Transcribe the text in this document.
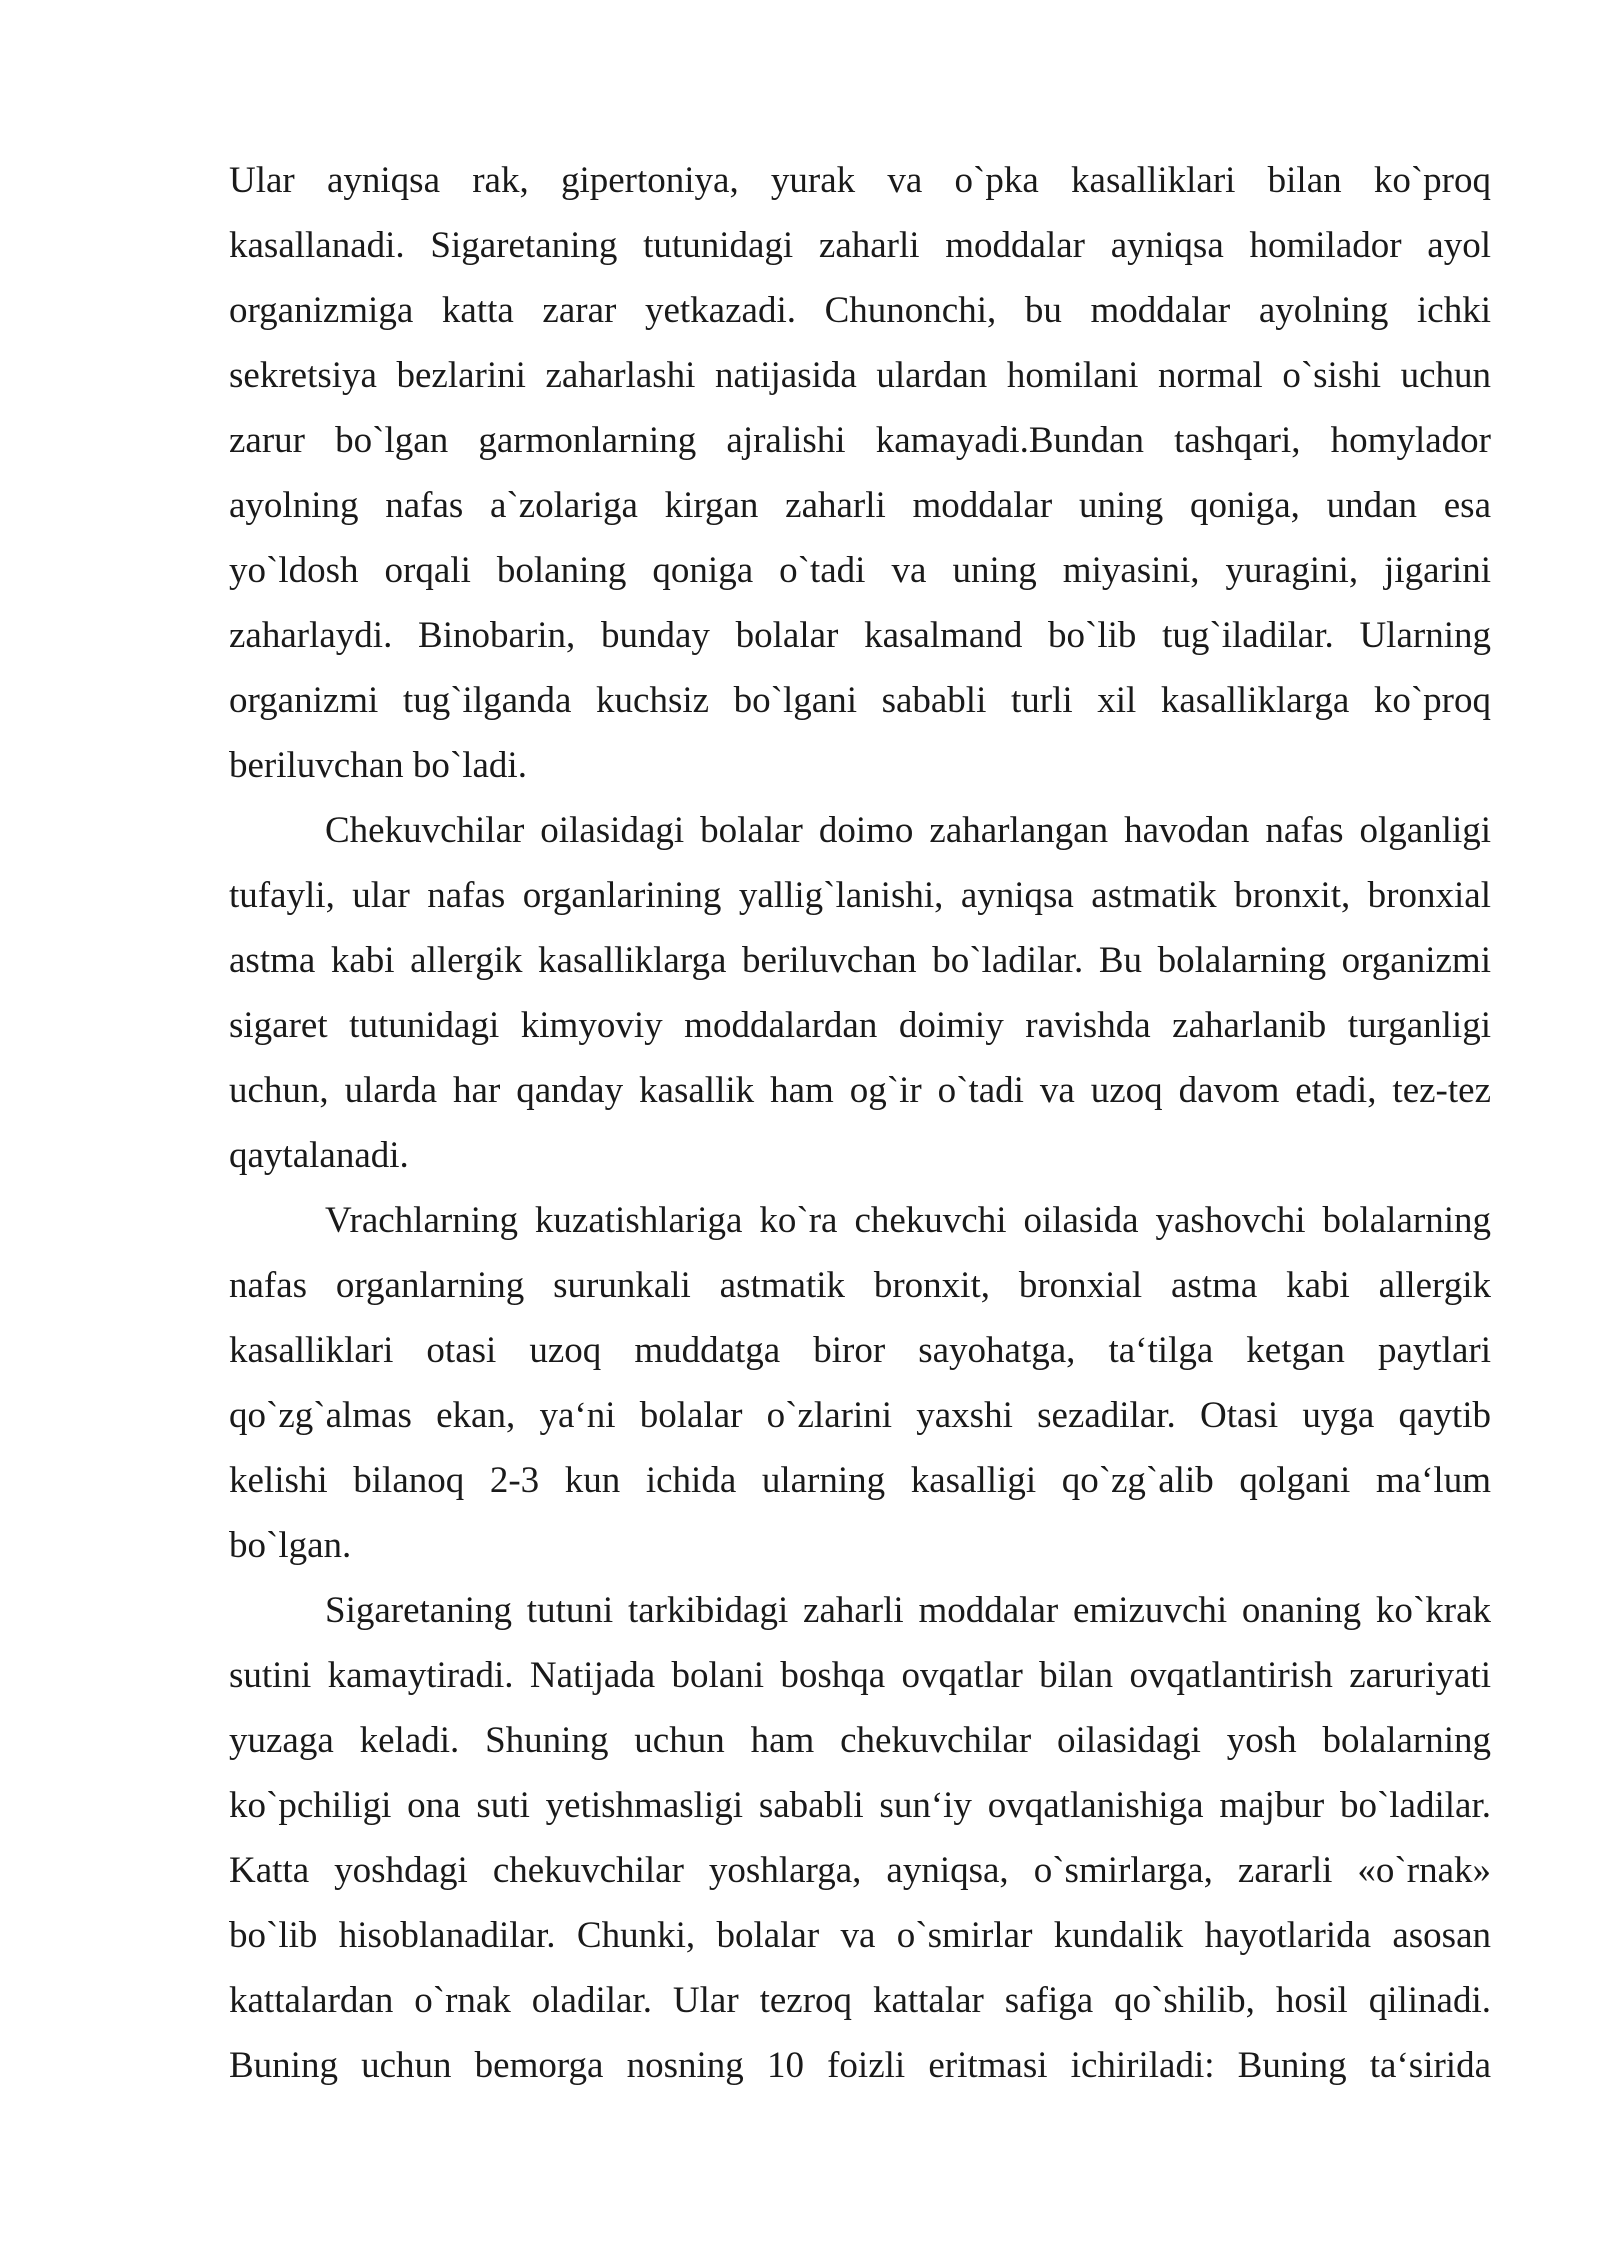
Ular ayniqsa rak, gipertoniya, yurak va o`pka kasalliklari bilan ko`proq
kasallanadi. Sigaretaning tutunidagi zaharli moddalar ayniqsa homilador ayol
organizmiga katta zarar yetkazadi. Chunonchi, bu moddalar ayolning ichki
sekretsiya bezlarini zaharlashi natijasida ulardan homilani normal o`sishi uchun
zarur bo`lgan garmonlarning ajralishi kamayadi.Bundan tashqari, homylador
ayolning nafas a`zolariga kirgan zaharli moddalar uning qoniga, undan esa
yo`ldosh orqali bolaning qoniga o`tadi va uning miyasini, yuragini, jigarini
zaharlaydi. Binobarin, bunday bolalar kasalmand bo`lib tug`iladilar. Ularning
organizmi tug`ilganda kuchsiz bo`lgani sababli turli xil kasalliklarga ko`proq
beriluvchan bo`ladi.
Chekuvchilar oilasidagi bolalar doimo zaharlangan havodan nafas olganligi
tufayli, ular nafas organlarining yallig`lanishi, ayniqsa astmatik bronxit, bronxial
astma kabi allergik kasalliklarga beriluvchan bo`ladilar. Bu bolalarning organizmi
sigaret tutunidagi kimyoviy moddalardan doimiy ravishda zaharlanib turganligi
uchun, ularda har qanday kasallik ham og`ir o`tadi va uzoq davom etadi, tez-tez
qaytalanadi.
Vrachlarning kuzatishlariga ko`ra chekuvchi oilasida yashovchi bolalarning
nafas organlarning surunkali astmatik bronxit, bronxial astma kabi allergik
kasalliklari otasi uzoq muddatga biror sayohatga, ta‘tilga ketgan paytlari
qo`zg`almas ekan, ya‘ni bolalar o`zlarini yaxshi sezadilar. Otasi uyga qaytib
kelishi bilanoq 2-3 kun ichida ularning kasalligi qo`zg`alib qolgani ma‘lum
bo`lgan.
Sigaretaning tutuni tarkibidagi zaharli moddalar emizuvchi onaning ko`krak
sutini kamaytiradi. Natijada bolani boshqa ovqatlar bilan ovqatlantirish zaruriyati
yuzaga keladi. Shuning uchun ham chekuvchilar oilasidagi yosh bolalarning
ko`pchiligi ona suti yetishmasligi sababli sun‘iy ovqatlanishiga majbur bo`ladilar.
Katta yoshdagi chekuvchilar yoshlarga, ayniqsa, o`smirlarga, zararli «o`rnak»
bo`lib hisoblanadilar. Chunki, bolalar va o`smirlar kundalik hayotlarida asosan
kattalardan o`rnak oladilar. Ular tezroq kattalar safiga qo`shilib, hosil qilinadi.
Buning uchun bemorga nosning 10 foizli eritmasi ichiriladi: Buning ta‘sirida
